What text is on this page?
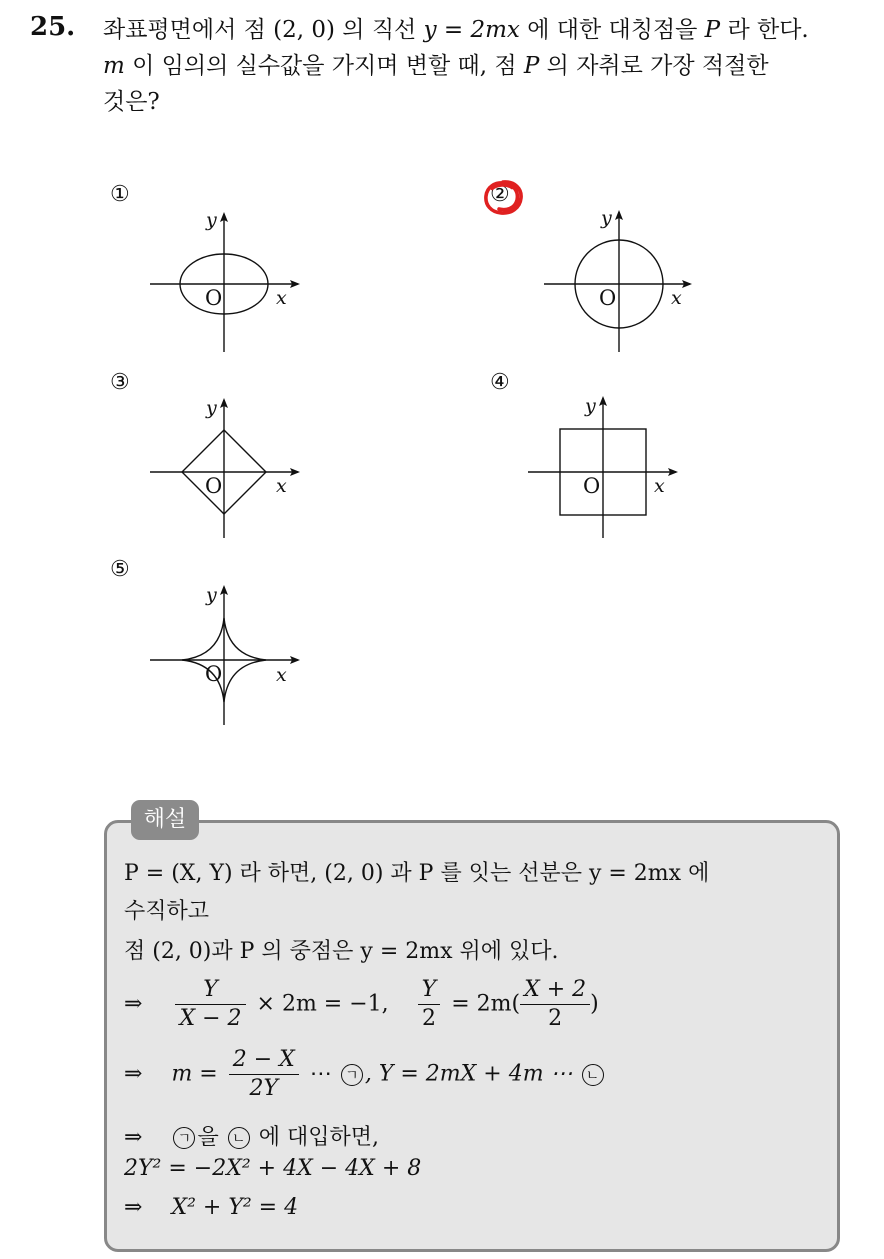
25. 좌표평면에서 점 (2, 0) 의 직선 y = 2mx 에 대한 대칭점을 P 라 한다.
m 이 임의의 실수값을 가지며 변할 때, 점 P 의 자취로 가장 적절한
것은?
①
y
x
O
②
y
x
O
③
y
x
O
④
y
x
O
⑤
y
x
O
해설
P = (X, Y) 라 하면, (2, 0) 과 P 를 잇는 선분은 y = 2mx 에
수직하고
점 (2, 0)과 P 의 중점은 y = 2mx 위에 있다.
⇒ $\frac{Y}{X - 2} \times 2m = -1$, $\frac{Y}{2} = 2m( \frac{X + 2}{2}$ )
⇒ $m = \frac{2 - X}{2Y}$ ⋯ ㄱ , Y = 2mX + 4m ⋯ ㄴ
⇒	ㄱ 을 ㄴ 에 대입하면,
2Y² = −2X² + 4X − 4X + 8
⇒ X² + Y² = 4
